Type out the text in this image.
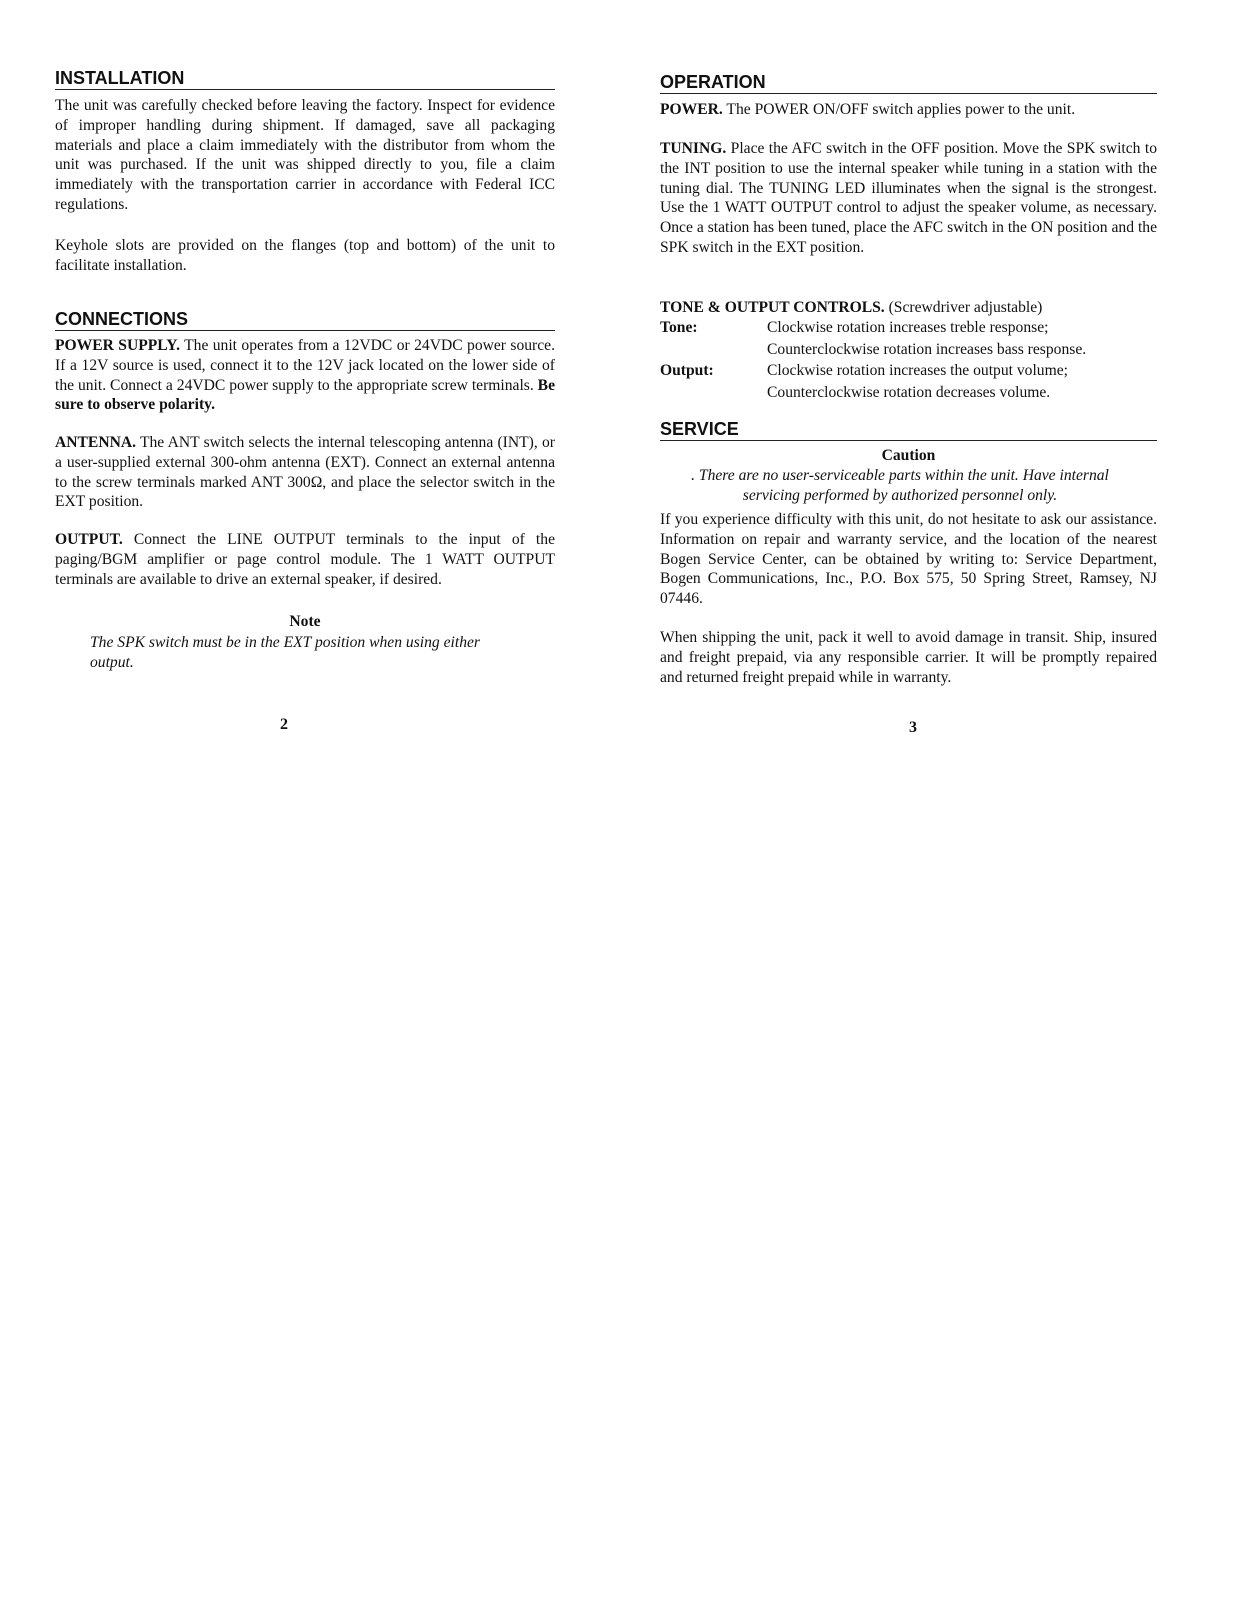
INSTALLATION

The unit was carefully checked before leaving the factory. Inspect for evidence of improper handling during shipment. If damaged, save all packaging materials and place a claim immediately with the distributor from whom the unit was purchased. If the unit was shipped directly to you, file a claim immediately with the transportation carrier in accordance with Federal ICC regulations.

Keyhole slots are provided on the flanges (top and bottom) of the unit to facilitate installation.

CONNECTIONS

POWER SUPPLY. The unit operates from a 12VDC or 24VDC power source. If a 12V source is used, connect it to the 12V jack located on the lower side of the unit. Connect a 24VDC power supply to the appropriate screw terminals. Be sure to observe polarity.

ANTENNA. The ANT switch selects the internal telescoping antenna (INT), or a user-supplied external 300-ohm antenna (EXT). Connect an external antenna to the screw terminals marked ANT 300Ω, and place the selector switch in the EXT position.

OUTPUT. Connect the LINE OUTPUT terminals to the input of the paging/BGM amplifier or page control module. The 1 WATT OUTPUT terminals are available to drive an external speaker, if desired.

Note
The SPK switch must be in the EXT position when using either output.
2
OPERATION

POWER. The POWER ON/OFF switch applies power to the unit.

TUNING. Place the AFC switch in the OFF position. Move the SPK switch to the INT position to use the internal speaker while tuning in a station with the tuning dial. The TUNING LED illuminates when the signal is the strongest. Use the 1 WATT OUTPUT control to adjust the speaker volume, as necessary. Once a station has been tuned, place the AFC switch in the ON position and the SPK switch in the EXT position.

TONE & OUTPUT CONTROLS. (Screwdriver adjustable)

Tone:	Clockwise rotation increases treble response;
Counterclockwise rotation increases bass response.
Output:	Clockwise rotation increases the output volume;
Counterclockwise rotation decreases volume.
SERVICE
Caution
. There are no user-serviceable parts within the unit. Have internal servicing performed by authorized personnel only.

If you experience difficulty with this unit, do not hesitate to ask our assistance. Information on repair and warranty service, and the location of the nearest Bogen Service Center, can be obtained by writing to: Service Department, Bogen Communications, Inc., P.O. Box 575, 50 Spring Street, Ramsey, NJ 07446.

When shipping the unit, pack it well to avoid damage in transit. Ship, insured and freight prepaid, via any responsible carrier. It will be promptly repaired and returned freight prepaid while in warranty.

3
